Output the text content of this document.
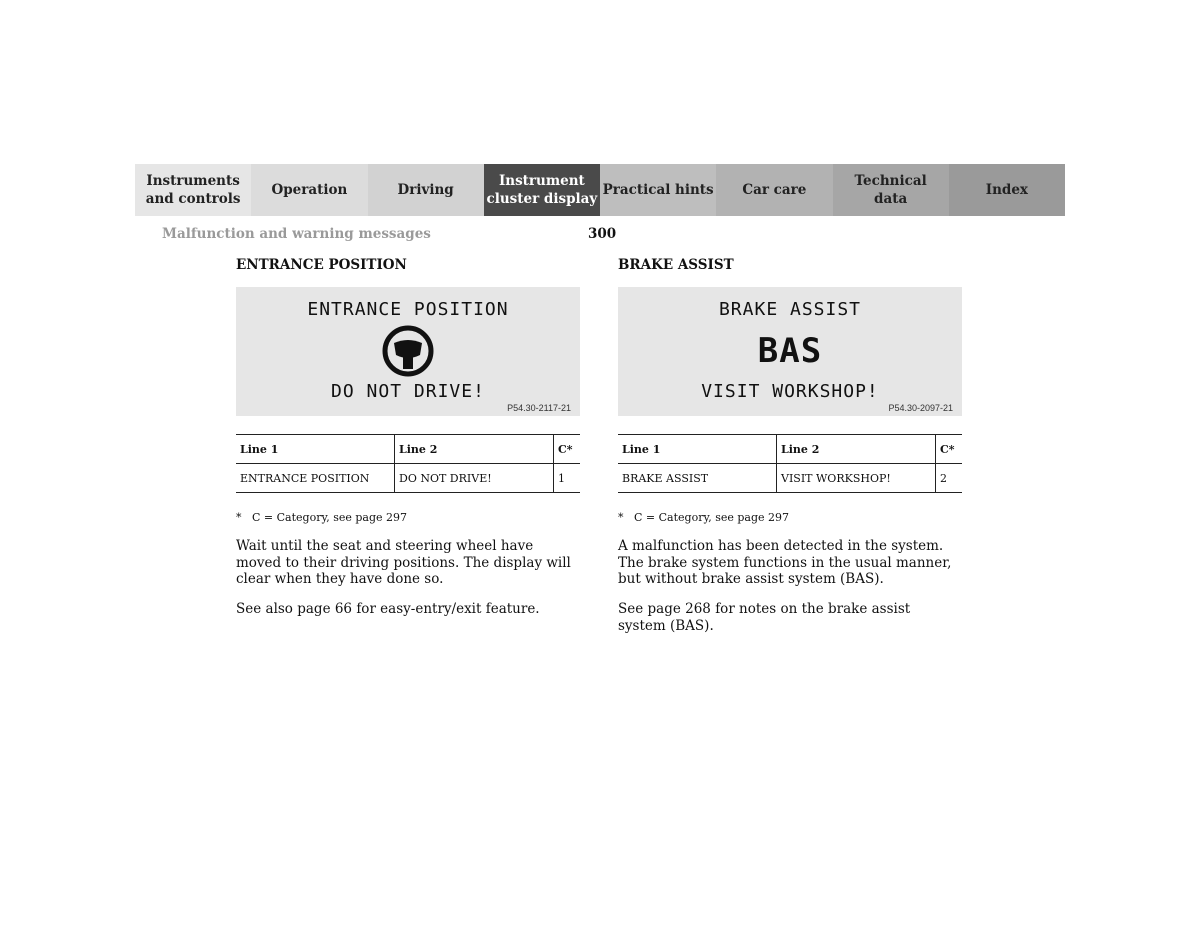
Instruments
and controls
Operation	Driving
Instrument
cluster display
Practical hints	Car care
Technical
data
Index
Malfunction and warning messages	300
ENTRANCE POSITION
ENTRANCE POSITION
DO NOT DRIVE!
P54.30-2117-21
Line 1	Line 2	C*
ENTRANCE POSITION	DO NOT DRIVE!	1
* C = Category, see page 297

Wait until the seat and steering wheel have moved to their driving positions. The display will clear when they have done so.

See also page 66 for easy-entry/exit feature.

BRAKE ASSIST
BRAKE ASSIST
BAS
VISIT WORKSHOP!
P54.30-2097-21
Line 1	Line 2	C*
BRAKE ASSIST	VISIT WORKSHOP!	2
* C = Category, see page 297

A malfunction has been detected in the system. The brake system functions in the usual manner, but without brake assist system (BAS).

See page 268 for notes on the brake assist system (BAS).
